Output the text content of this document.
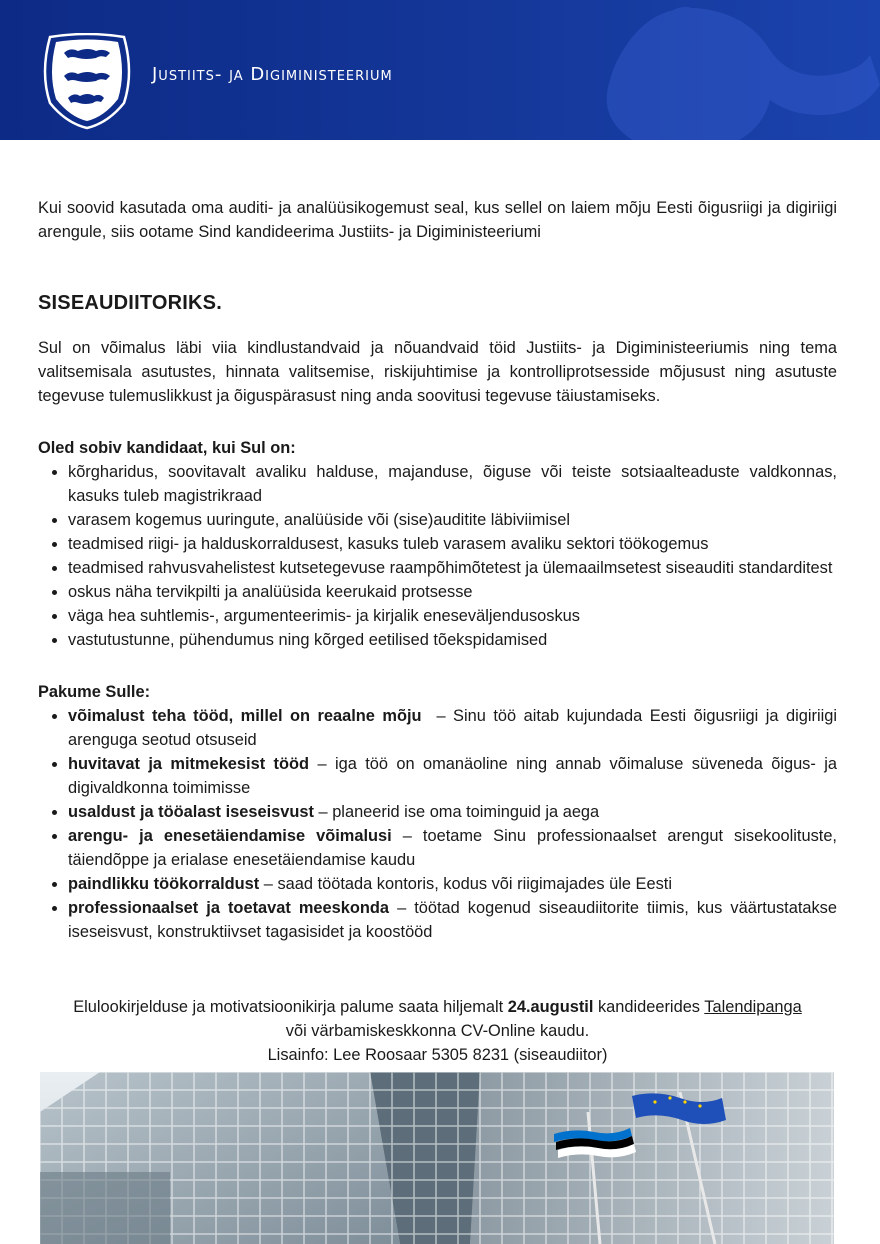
Justiits- ja Digiministeerium

Kui soovid kasutada oma auditi- ja analüüsikogemust seal, kus sellel on laiem mõju Eesti õigusriigi ja digiriigi arengule, siis ootame Sind kandideerima Justiits- ja Digiministeeriumi

SISEAUDIITORIKS.

Sul on võimalus läbi viia kindlustandvaid ja nõuandvaid töid Justiits- ja Digiministeeriumis ning tema valitsemisala asutustes, hinnata valitsemise, riskijuhtimise ja kontrolliprotsesside mõjusust ning asutuste tegevuse tulemuslikkust ja õiguspärasust ning anda soovitusi tegevuse täiustamiseks.

Oled sobiv kandidaat, kui Sul on:
• kõrgharidus, soovitavalt avaliku halduse, majanduse, õiguse või teiste sotsiaalteaduste valdkonnas, kasuks tuleb magistrikraad
• varasem kogemus uuringute, analüüside või (sise)auditite läbiviimisel
• teadmised riigi- ja halduskorraldusest, kasuks tuleb varasem avaliku sektori töökogemus
• teadmised rahvusvahelistest kutsetegevuse raampõhimõtetest ja ülemaailmsetest siseauditi standarditest
• oskus näha tervikpilti ja analüüsida keerukaid protsesse
• väga hea suhtlemis-, argumenteerimis- ja kirjalik eneseväljendusoskus
• vastutustunne, pühendumus ning kõrged eetilised tõekspidamised
Pakume Sulle:
• võimalust teha tööd, millel on reaalne mõju  – Sinu töö aitab kujundada Eesti õigusriigi ja digiriigi arenguga seotud otsuseid
• huvitavat ja mitmekesist tööd – iga töö on omanäoline ning annab võimaluse süveneda õigus- ja digivaldkonna toimimisse
• usaldust ja tööalast iseseisvust – planeerid ise oma toiminguid ja aega
• arengu- ja enesetäiendamise võimalusi – toetame Sinu professionaalset arengut sisekoolituste, täiendõppe ja erialase enesetäiendamise kaudu
• paindlikku töökorraldust – saad töötada kontoris, kodus või riigimajades üle Eesti
• professionaalset ja toetavat meeskonda – töötad kogenud siseaudiitorite tiimis, kus väärtustatakse iseseisvust, konstruktiivset tagasisidet ja koostööd
Elulookirjelduse ja motivatsioonikirja palume saata hiljemalt 24.augustil kandideerides Talendipanga
või värbamiskeskkonna CV-Online kaudu.
Lisainfo: Lee Roosaar 5305 8231 (siseaudiitor)
